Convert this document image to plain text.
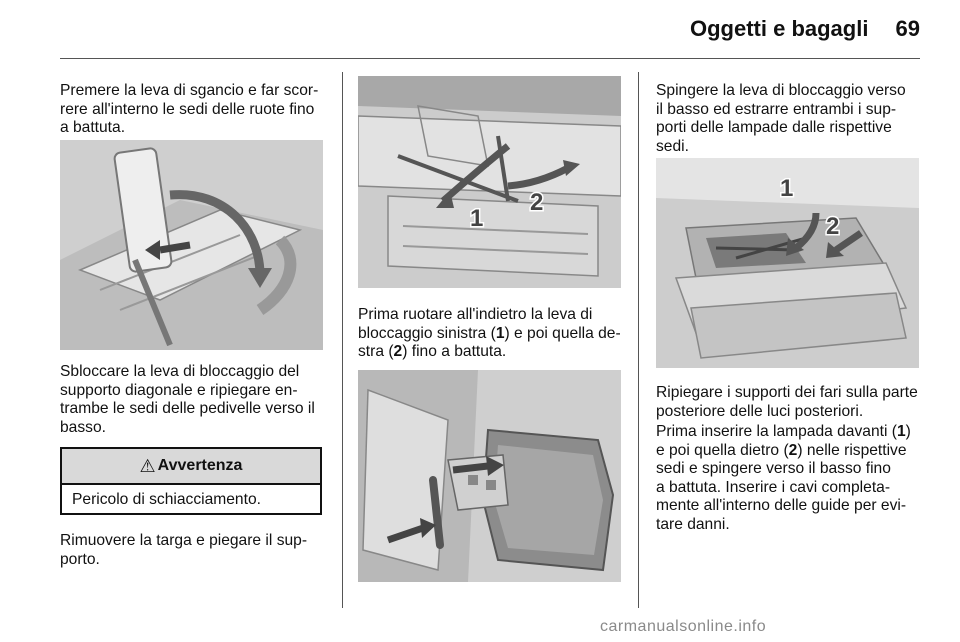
Oggetti e bagagli 69
Premere la leva di sgancio e far scor-
rere all'interno le sedi delle ruote fino
a battuta.
Sbloccare la leva di bloccaggio del
supporto diagonale e ripiegare en-
trambe le sedi delle pedivelle verso il
basso.
⚠ Avvertenza
Pericolo di schiacciamento.
Rimuovere la targa e piegare il sup-
porto.
1
2
Prima ruotare all'indietro la leva di
bloccaggio sinistra (1) e poi quella de-
stra (2) fino a battuta.
Spingere la leva di bloccaggio verso
il basso ed estrarre entrambi i sup-
porti delle lampade dalle rispettive
sedi.
1
2
Ripiegare i supporti dei fari sulla parte
posteriore delle luci posteriori.
Prima inserire la lampada davanti (1)
e poi quella dietro (2) nelle rispettive
sedi e spingere verso il basso fino
a battuta. Inserire i cavi completa-
mente all'interno delle guide per evi-
tare danni.
carmanualsonline.info
